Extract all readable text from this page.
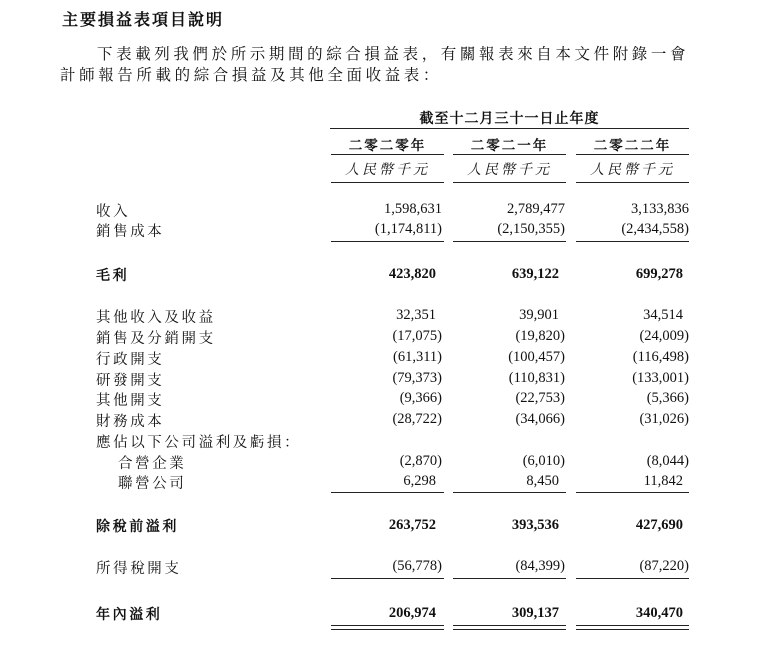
主要損益表項目說明
下表載列我們於所示期間的綜合損益表，有關報表來自本文件附錄一會
計師報告所載的綜合損益及其他全面收益表：
截至十二月三十一日止年度
二零二零年	二零二一年	二零二二年
人民幣千元	人民幣千元	人民幣千元
收入	1,598,631	2,789,477	3,133,836
銷售成本	(1,174,811)	(2,150,355)	(2,434,558)
毛利	423,820	639,122	699,278
其他收入及收益	32,351	39,901	34,514
銷售及分銷開支	(17,075)	(19,820)	(24,009)
行政開支	(61,311)	(100,457)	(116,498)
研發開支	(79,373)	(110,831)	(133,001)
其他開支	(9,366)	(22,753)	(5,366)
財務成本	(28,722)	(34,066)	(31,026)
應佔以下公司溢利及虧損：
合營企業	(2,870)	(6,010)	(8,044)
聯營公司	6,298	8,450	11,842
除稅前溢利	263,752	393,536	427,690
所得稅開支	(56,778)	(84,399)	(87,220)
年內溢利	206,974	309,137	340,470
